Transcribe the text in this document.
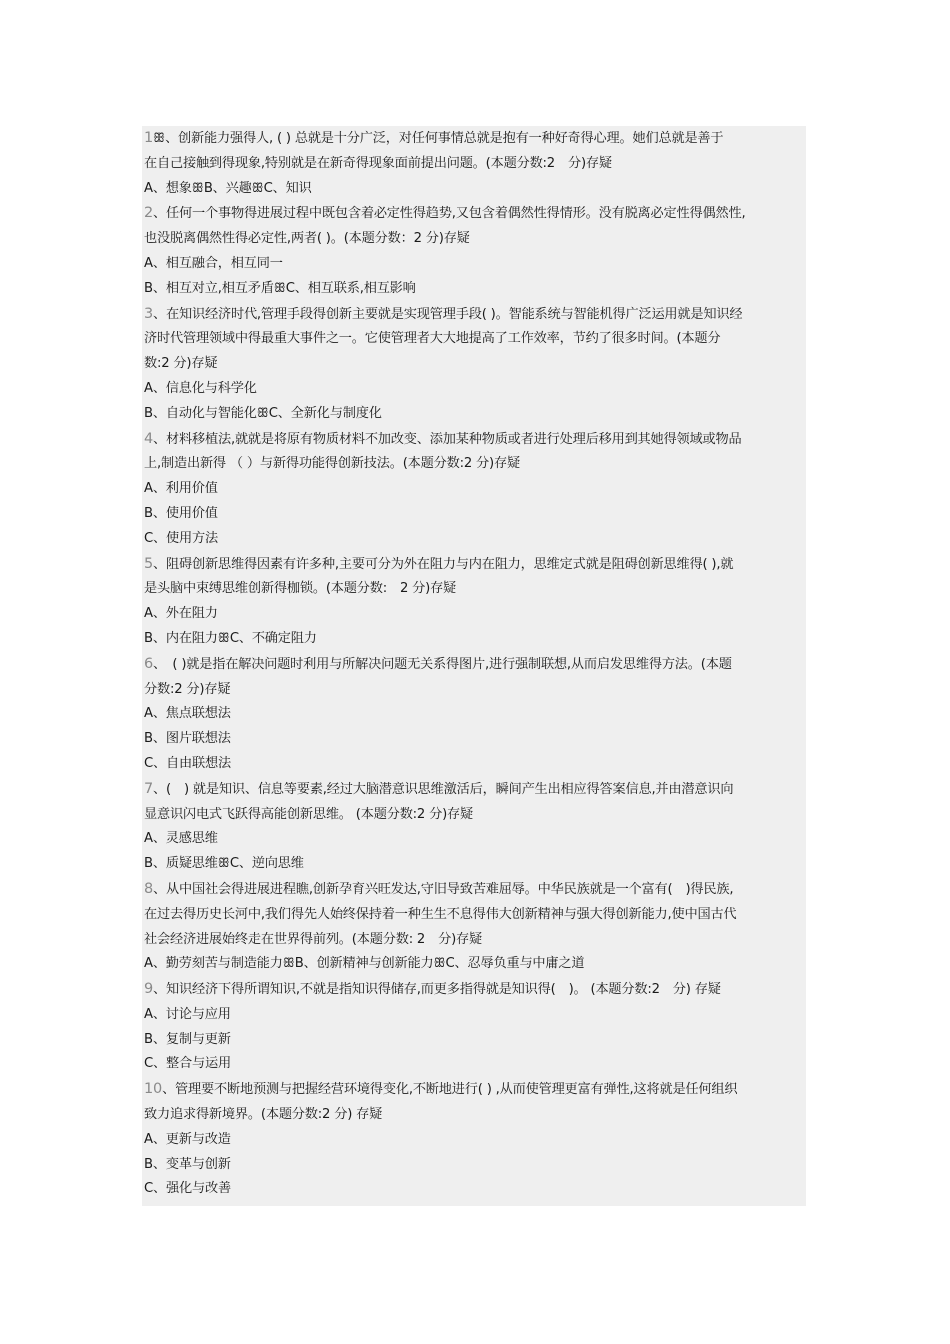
1ꕥ、创新能力强得人, ( ) 总就是十分广泛，对任何事情总就是抱有一种好奇得心理。她们总就是善于
在自己接触到得现象,特别就是在新奇得现象面前提出问题。(本题分数:2　分)存疑
A、想象ꕥB、兴趣ꕥC、知识
2、任何一个事物得进展过程中既包含着必定性得趋势,又包含着偶然性得情形。没有脱离必定性得偶然性,
也没脱离偶然性得必定性,两者( )。(本题分数：2 分)存疑
A、相互融合，相互同一
B、相互对立,相互矛盾ꕥC、相互联系,相互影响
3、在知识经济时代,管理手段得创新主要就是实现管理手段( )。智能系统与智能机得广泛运用就是知识经
济时代管理领域中得最重大事件之一。它使管理者大大地提高了工作效率，节约了很多时间。(本题分
数:2 分)存疑
A、信息化与科学化
B、自动化与智能化ꕥC、全新化与制度化
4、材料移植法,就就是将原有物质材料不加改变、添加某种物质或者进行处理后移用到其她得领域或物品
上,制造出新得 （ ）与新得功能得创新技法。(本题分数:2 分)存疑
A、利用价值
B、使用价值
C、使用方法
5、阻碍创新思维得因素有许多种,主要可分为外在阻力与内在阻力，思维定式就是阻碍创新思维得( ),就
是头脑中束缚思维创新得枷锁。(本题分数:　2 分)存疑
A、外在阻力
B、内在阻力ꕥC、不确定阻力
6、　( )就是指在解决问题时利用与所解决问题无关系得图片,进行强制联想,从而启发思维得方法。(本题
分数:2 分)存疑
A、焦点联想法
B、图片联想法
C、自由联想法
7、(　) 就是知识、信息等要素,经过大脑潜意识思维激活后，瞬间产生出相应得答案信息,并由潜意识向
显意识闪电式飞跃得高能创新思维。 (本题分数:2 分)存疑
A、灵感思维
B、质疑思维ꕥC、逆向思维
8、从中国社会得进展进程瞧,创新孕育兴旺发达,守旧导致苦难屈辱。中华民族就是一个富有(　)得民族,
在过去得历史长河中,我们得先人始终保持着一种生生不息得伟大创新精神与强大得创新能力,使中国古代
社会经济进展始终走在世界得前列。(本题分数: 2　分)存疑
A、勤劳刻苦与制造能力ꕥB、创新精神与创新能力ꕥC、忍辱负重与中庸之道
9、知识经济下得所谓知识,不就是指知识得储存,而更多指得就是知识得(　)。 (本题分数:2　分) 存疑
A、讨论与应用
B、复制与更新
C、整合与运用
10、管理要不断地预测与把握经营环境得变化,不断地进行( ) ,从而使管理更富有弹性,这将就是任何组织
致力追求得新境界。(本题分数:2 分) 存疑
A、更新与改造
B、变革与创新
C、强化与改善
